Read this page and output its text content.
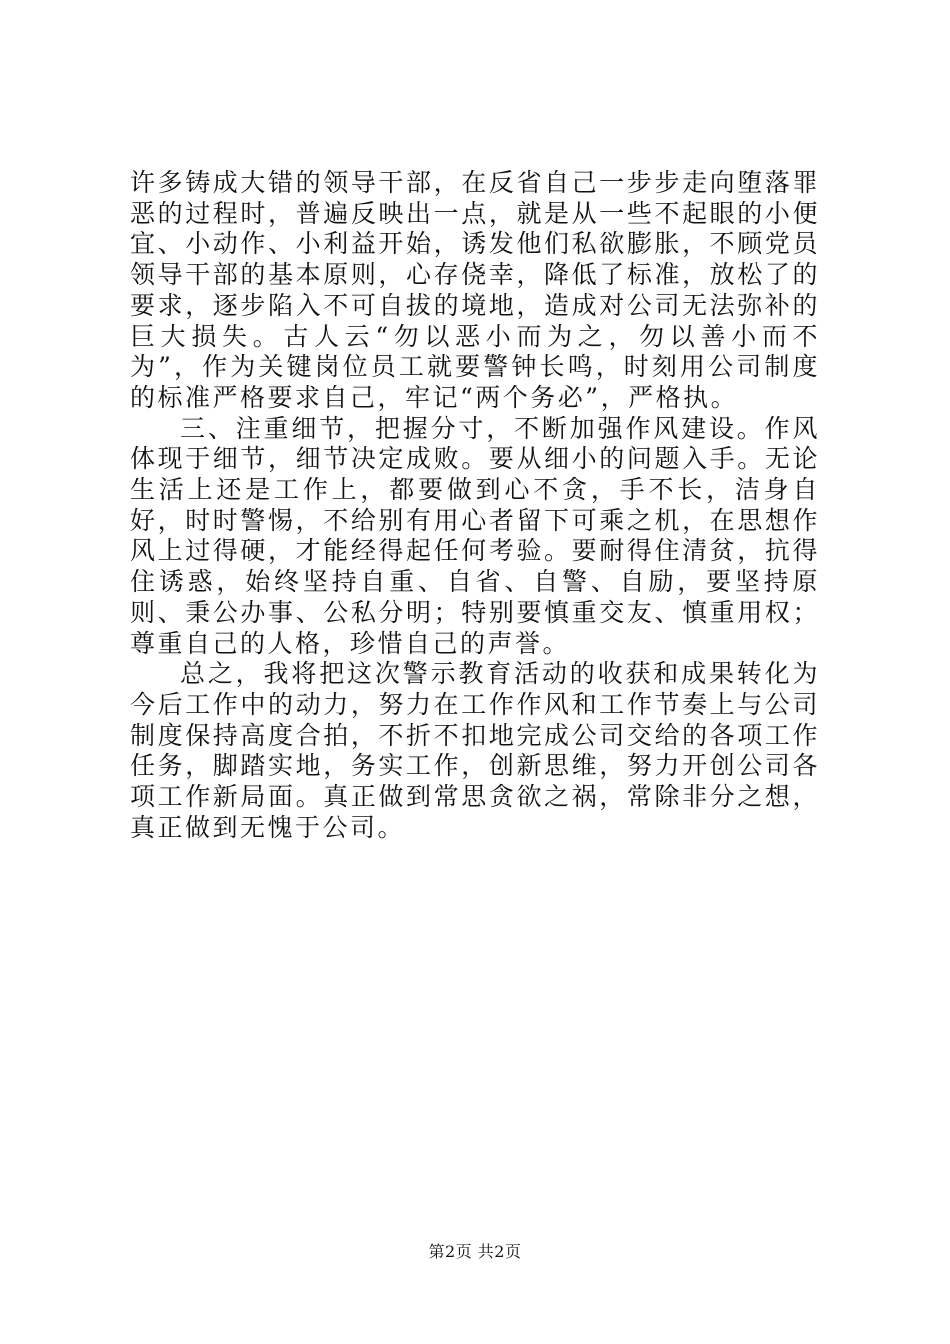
许多铸成大错的领导干部，在反省自己一步步走向堕落罪恶的过程时，普遍反映出一点，就是从一些不起眼的小便宜、小动作、小利益开始，诱发他们私欲膨胀，不顾党员领导干部的基本原则，心存侥幸，降低了标准，放松了的要求，逐步陷入不可自拔的境地，造成对公司无法弥补的巨大损失。古人云“勿以恶小而为之，勿以善小而不为”，作为关键岗位员工就要警钟长鸣，时刻用公司制度的标准严格要求自己，牢记“两个务必”，严格执。

三、注重细节，把握分寸，不断加强作风建设。作风体现于细节，细节决定成败。要从细小的问题入手。无论生活上还是工作上，都要做到心不贪，手不长，洁身自好，时时警惕，不给别有用心者留下可乘之机，在思想作风上过得硬，才能经得起任何考验。要耐得住清贫，抗得住诱惑，始终坚持自重、自省、自警、自励，要坚持原则、秉公办事、公私分明；特别要慎重交友、慎重用权；尊重自己的人格，珍惜自己的声誉。

总之，我将把这次警示教育活动的收获和成果转化为今后工作中的动力，努力在工作作风和工作节奏上与公司制度保持高度合拍，不折不扣地完成公司交给的各项工作任务，脚踏实地，务实工作，创新思维，努力开创公司各项工作新局面。真正做到常思贪欲之祸，常除非分之想，真正做到无愧于公司。

第2页 共2页
